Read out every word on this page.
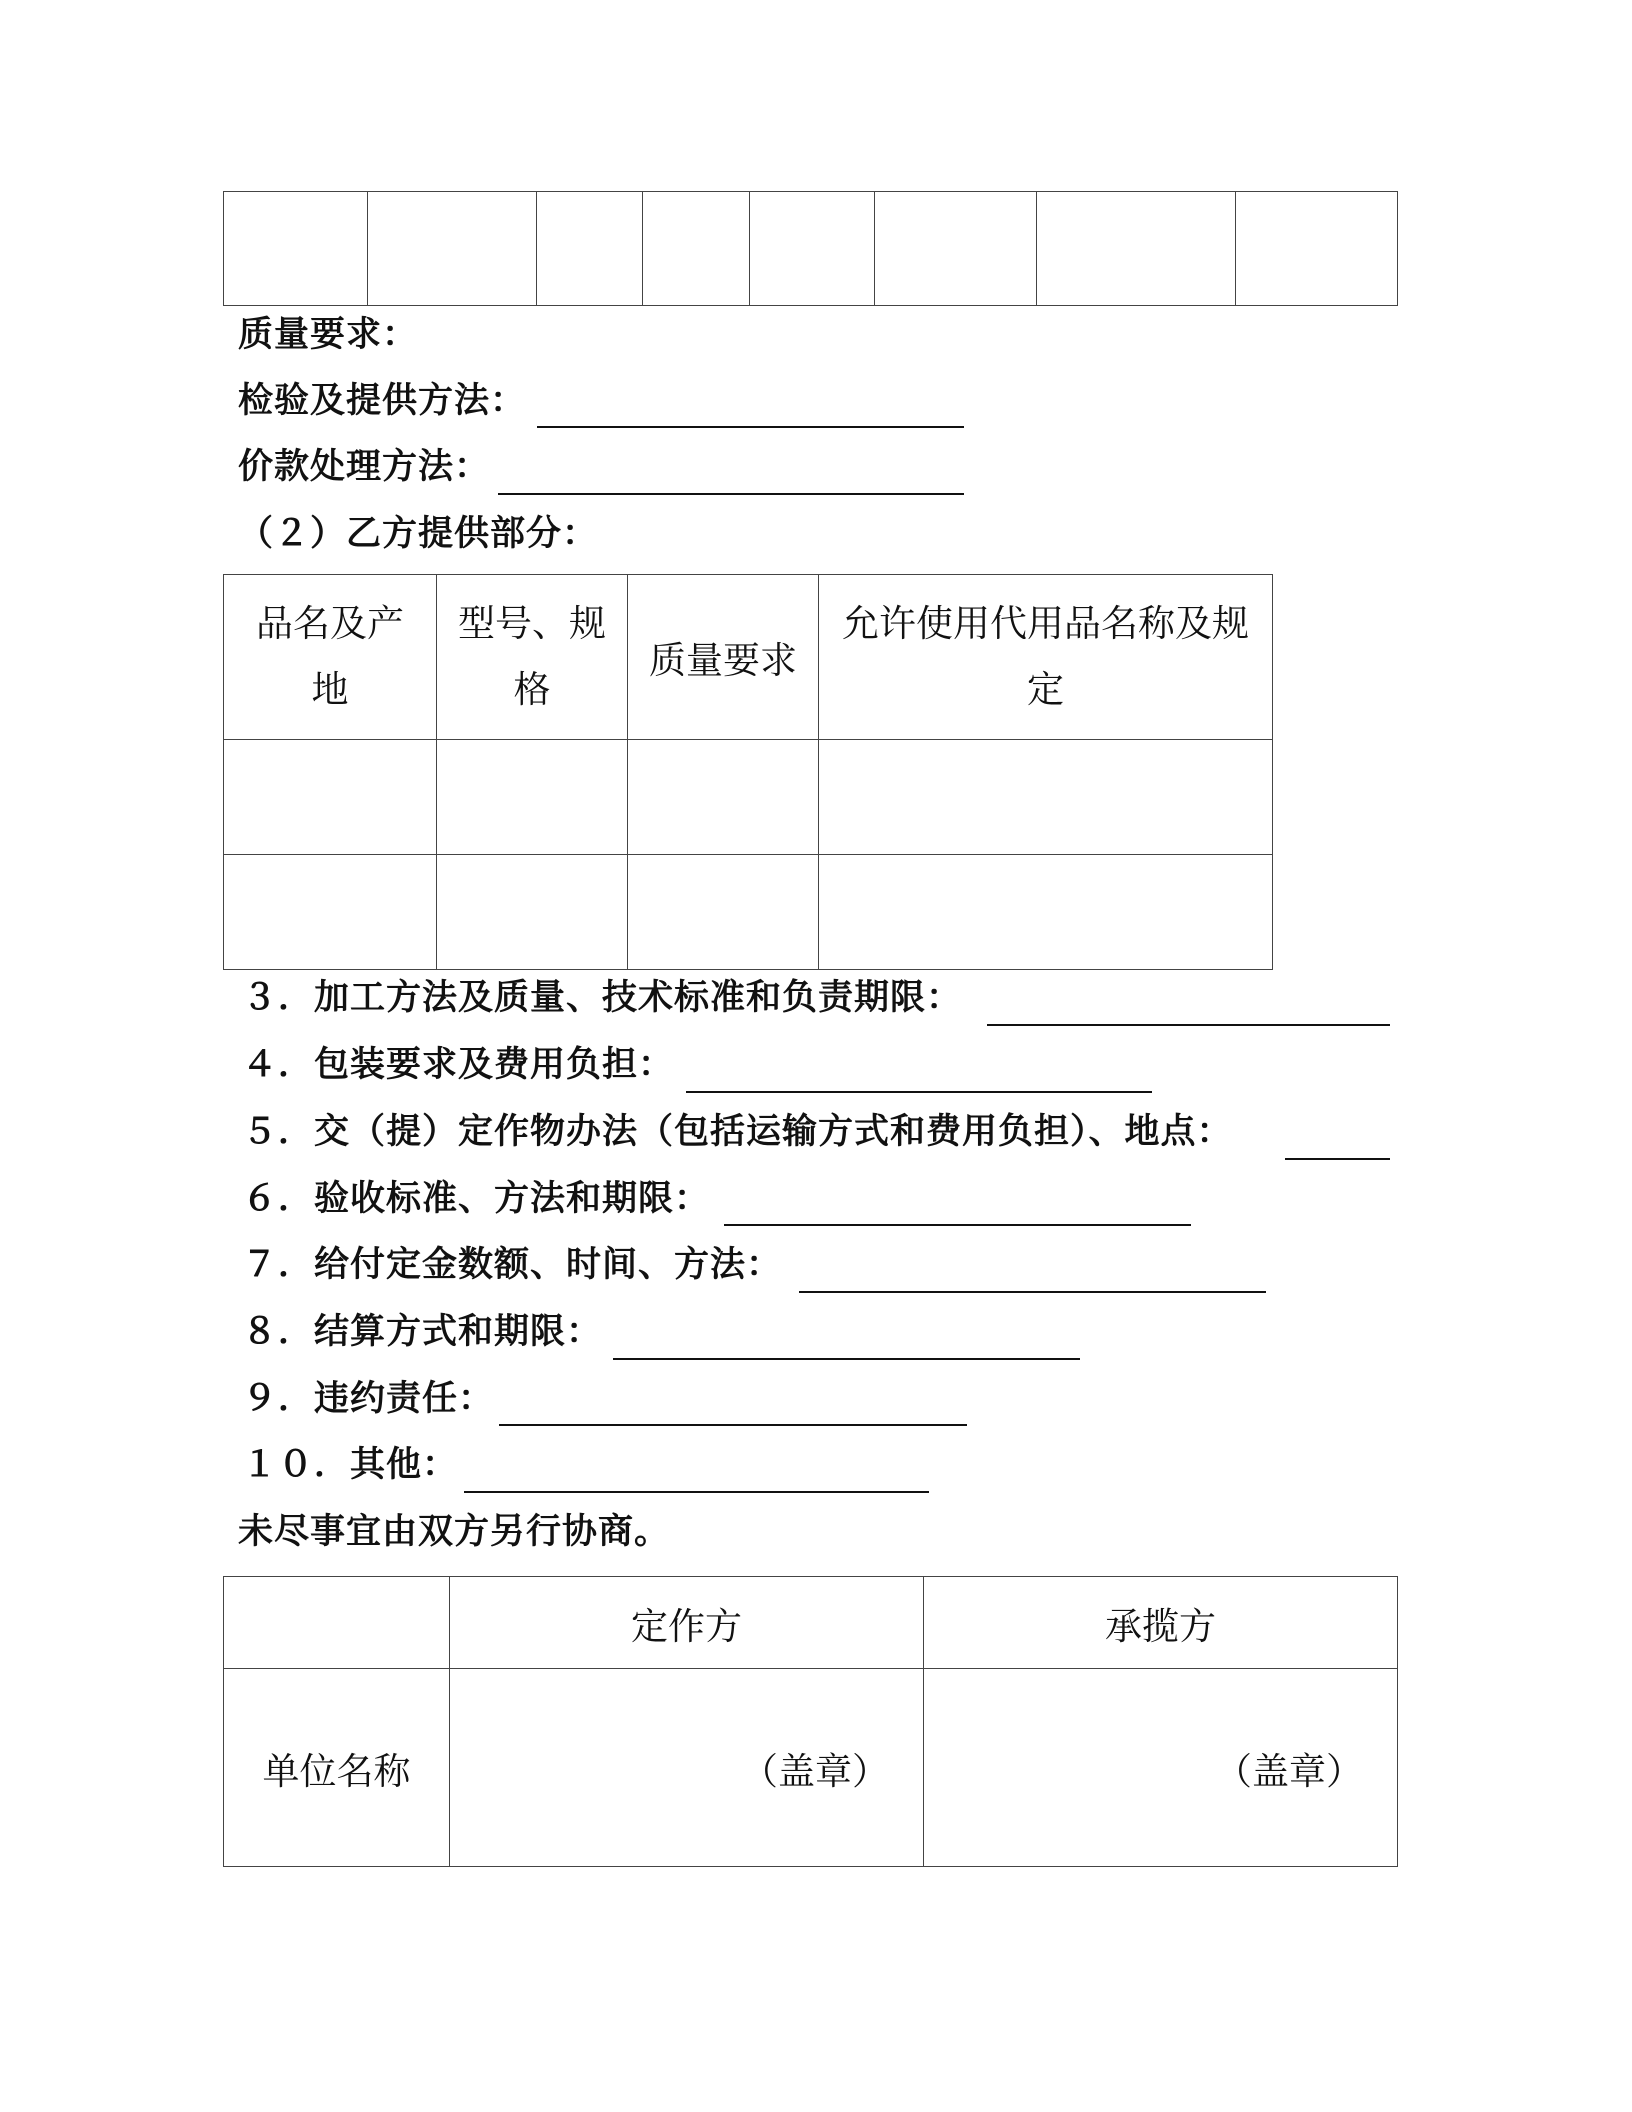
质量要求：
检验及提供方法：
价款处理方法：
（２）乙方提供部分：
品名及产地	型号、规格	质量要求	允许使用代用品名称及规定

３．加工方法及质量、技术标准和负责期限：
４．包装要求及费用负担：
５．交（提）定作物办法（包括运输方式和费用负担）、地点：
６．验收标准、方法和期限：
７．给付定金数额、时间、方法：
８．结算方式和期限：
９．违约责任：
１０．其他：
未尽事宜由双方另行协商。
	定作方	承揽方
单位名称	（盖章）	（盖章）
